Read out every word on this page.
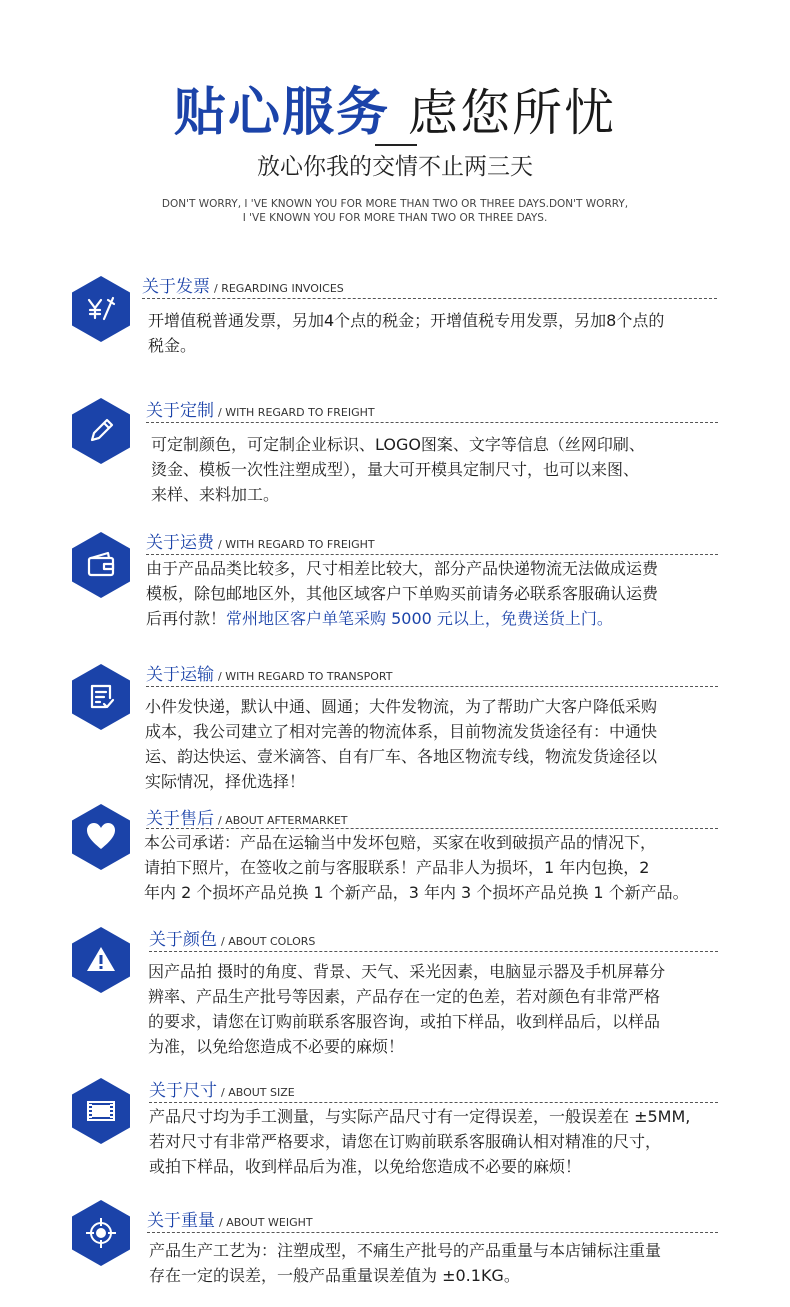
贴心服务 虑您所忧
放心你我的交情不止两三天
DON'T WORRY, I 'VE KNOWN YOU FOR MORE THAN TWO OR THREE DAYS.DON'T WORRY,
I 'VE KNOWN YOU FOR MORE THAN TWO OR THREE DAYS.
关于发票 / REGARDING INVOICES
开增值税普通发票，另加4个点的税金；开增值税专用发票，另加8个点的
税金。
关于定制 / WITH REGARD TO FREIGHT
可定制颜色，可定制企业标识、LOGO图案、文字等信息（丝网印刷、
烫金、模板一次性注塑成型），量大可开模具定制尺寸，也可以来图、
来样、来料加工。
关于运费 / WITH REGARD TO FREIGHT
由于产品品类比较多，尺寸相差比较大，部分产品快递物流无法做成运费
模板，除包邮地区外，其他区域客户下单购买前请务必联系客服确认运费
后再付款！常州地区客户单笔采购 5000 元以上，免费送货上门。
关于运输 / WITH REGARD TO TRANSPORT
小件发快递，默认中通、圆通；大件发物流，为了帮助广大客户降低采购
成本，我公司建立了相对完善的物流体系，目前物流发货途径有：中通快
运、韵达快运、壹米滴答、自有厂车、各地区物流专线，物流发货途径以
实际情况，择优选择！
关于售后 / ABOUT AFTERMARKET
本公司承诺：产品在运输当中发坏包赔，买家在收到破损产品的情况下，
请拍下照片，在签收之前与客服联系！产品非人为损坏，1 年内包换，2
年内 2 个损坏产品兑换 1 个新产品，3 年内 3 个损坏产品兑换 1 个新产品。
关于颜色 / ABOUT COLORS
因产品拍 摄时的角度、背景、天气、采光因素，电脑显示器及手机屏幕分
辨率、产品生产批号等因素，产品存在一定的色差，若对颜色有非常严格
的要求，请您在订购前联系客服咨询，或拍下样品，收到样品后，以样品
为准，以免给您造成不必要的麻烦！
关于尺寸 / ABOUT SIZE
产品尺寸均为手工测量，与实际产品尺寸有一定得误差，一般误差在 ±5MM,
若对尺寸有非常严格要求，请您在订购前联系客服确认相对精准的尺寸，
或拍下样品，收到样品后为准，以免给您造成不必要的麻烦！
关于重量 / ABOUT WEIGHT
产品生产工艺为：注塑成型，不痛生产批号的产品重量与本店铺标注重量
存在一定的误差，一般产品重量误差值为 ±0.1KG。
